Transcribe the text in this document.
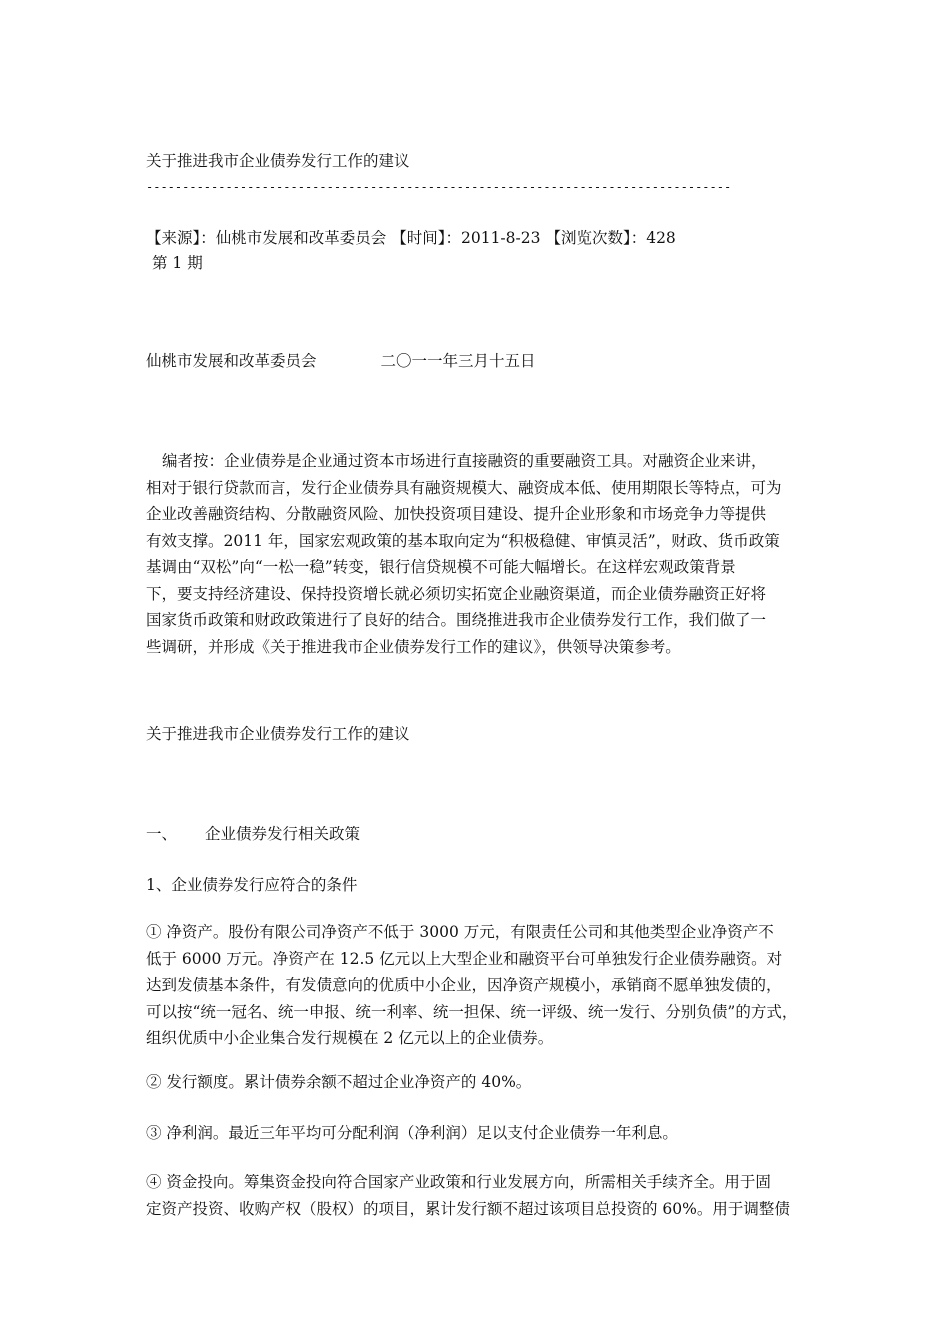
关于推进我市企业债券发行工作的建议
---------------------------------------------------------------------------------
【来源】：仙桃市发展和改革委员会 【时间】：2011-8-23 【浏览次数】：428
第 1 期
仙桃市发展和改革委员会	二〇一一年三月十五日
编者按：企业债券是企业通过资本市场进行直接融资的重要融资工具。对融资企业来讲，
相对于银行贷款而言，发行企业债券具有融资规模大、融资成本低、使用期限长等特点，可为
企业改善融资结构、分散融资风险、加快投资项目建设、提升企业形象和市场竞争力等提供
有效支撑。2011 年，国家宏观政策的基本取向定为“积极稳健、审慎灵活”，财政、货币政策
基调由“双松”向“一松一稳”转变，银行信贷规模不可能大幅增长。在这样宏观政策背景
下，要支持经济建设、保持投资增长就必须切实拓宽企业融资渠道，而企业债券融资正好将
国家货币政策和财政政策进行了良好的结合。围绕推进我市企业债券发行工作，我们做了一
些调研，并形成《关于推进我市企业债券发行工作的建议》，供领导决策参考。
关于推进我市企业债券发行工作的建议
一、 企业债券发行相关政策
1、企业债券发行应符合的条件
① 净资产。股份有限公司净资产不低于 3000 万元，有限责任公司和其他类型企业净资产不
低于 6000 万元。净资产在 12.5 亿元以上大型企业和融资平台可单独发行企业债券融资。对
达到发债基本条件，有发债意向的优质中小企业，因净资产规模小，承销商不愿单独发债的，
可以按“统一冠名、统一申报、统一利率、统一担保、统一评级、统一发行、分别负债”的方式，
组织优质中小企业集合发行规模在 2 亿元以上的企业债券。
② 发行额度。累计债券余额不超过企业净资产的 40%。
③ 净利润。最近三年平均可分配利润（净利润）足以支付企业债券一年利息。
④ 资金投向。筹集资金投向符合国家产业政策和行业发展方向，所需相关手续齐全。用于固
定资产投资、收购产权（股权）的项目，累计发行额不超过该项目总投资的 60%。用于调整债
